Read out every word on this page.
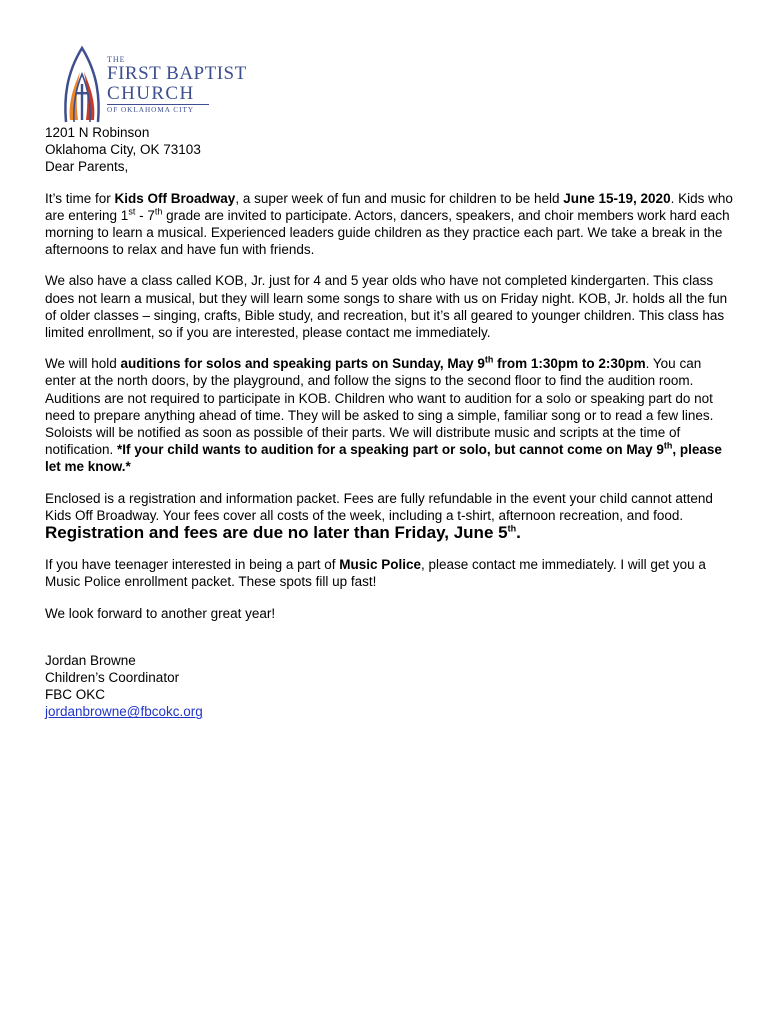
THE
FIRST BAPTIST
CHURCH
OF OKLAHOMA CITY
1201 N Robinson
Oklahoma City, OK 73103
Dear Parents,

It’s time for Kids Off Broadway, a super week of fun and music for children to be held June 15-19, 2020. Kids who are entering 1st - 7th grade are invited to participate. Actors, dancers, speakers, and choir members work hard each morning to learn a musical. Experienced leaders guide children as they practice each part. We take a break in the afternoons to relax and have fun with friends.

We also have a class called KOB, Jr. just for 4 and 5 year olds who have not completed kindergarten. This class does not learn a musical, but they will learn some songs to share with us on Friday night. KOB, Jr. holds all the fun of older classes – singing, crafts, Bible study, and recreation, but it’s all geared to younger children. This class has limited enrollment, so if you are interested, please contact me immediately.

We will hold auditions for solos and speaking parts on Sunday, May 9th from 1:30pm to 2:30pm. You can enter at the north doors, by the playground, and follow the signs to the second floor to find the audition room. Auditions are not required to participate in KOB. Children who want to audition for a solo or speaking part do not need to prepare anything ahead of time. They will be asked to sing a simple, familiar song or to read a few lines. Soloists will be notified as soon as possible of their parts. We will distribute music and scripts at the time of notification. *If your child wants to audition for a speaking part or solo, but cannot come on May 9th, please let me know.*

Enclosed is a registration and information packet. Fees are fully refundable in the event your child cannot attend Kids Off Broadway. Your fees cover all costs of the week, including a t-shirt, afternoon recreation, and food. Registration and fees are due no later than Friday, June 5th.

If you have teenager interested in being a part of Music Police, please contact me immediately. I will get you a Music Police enrollment packet. These spots fill up fast!

We look forward to another great year!

Jordan Browne
Children’s Coordinator
FBC OKC
jordanbrowne@fbcokc.org
